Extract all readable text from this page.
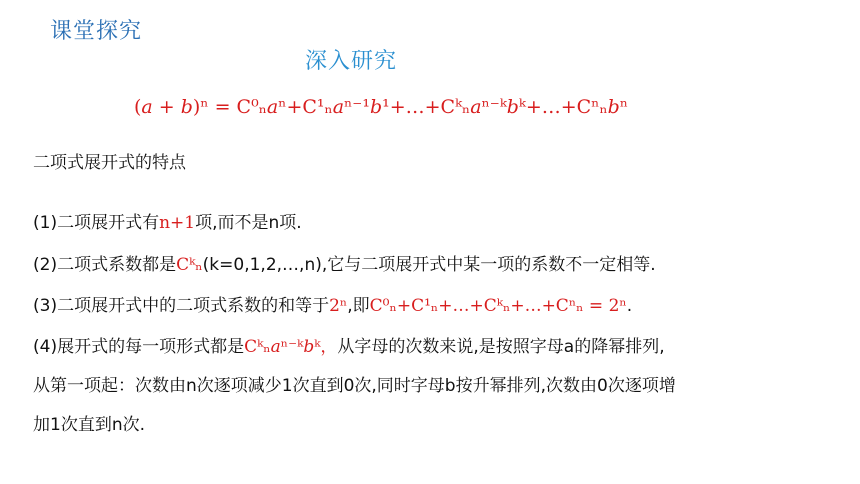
课堂探究
深入研究
(𝑎 + 𝑏)ⁿ = C⁰ₙ𝑎ⁿ+C¹ₙ𝑎ⁿ⁻¹𝑏¹+…+Cᵏₙ𝑎ⁿ⁻ᵏ𝑏ᵏ+…+Cⁿₙ𝑏ⁿ
二项式展开式的特点
(1)二项展开式有n+1项,而不是n项.
(2)二项式系数都是Cᵏₙ(k=0,1,2,…,n),它与二项展开式中某一项的系数不一定相等.
(3)二项展开式中的二项式系数的和等于2ⁿ,即C⁰ₙ+C¹ₙ+…+Cᵏₙ+…+Cⁿₙ = 2ⁿ.
(4)展开式的每一项形式都是Cᵏₙ𝑎ⁿ⁻ᵏ𝑏ᵏ，从字母的次数来说,是按照字母a的降幂排列,
从第一项起：次数由n次逐项减少1次直到0次,同时字母b按升幂排列,次数由0次逐项增
加1次直到n次.
